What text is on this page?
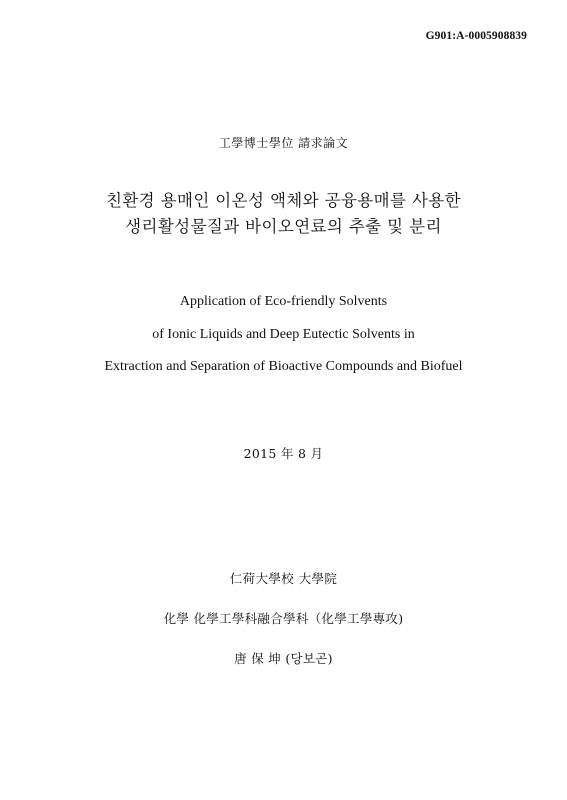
G901:A-0005908839
工學博士學位 請求論文
친환경 용매인 이온성 액체와 공융용매를 사용한
생리활성물질과 바이오연료의 추출 및 분리
Application of Eco-friendly Solvents
of Ionic Liquids and Deep Eutectic Solvents in
Extraction and Separation of Bioactive Compounds and Biofuel
2015 年 8 月
仁荷大學校 大學院
化學 化學工學科融合學科（化學工學專攻)
唐 保 坤 (당보곤)
